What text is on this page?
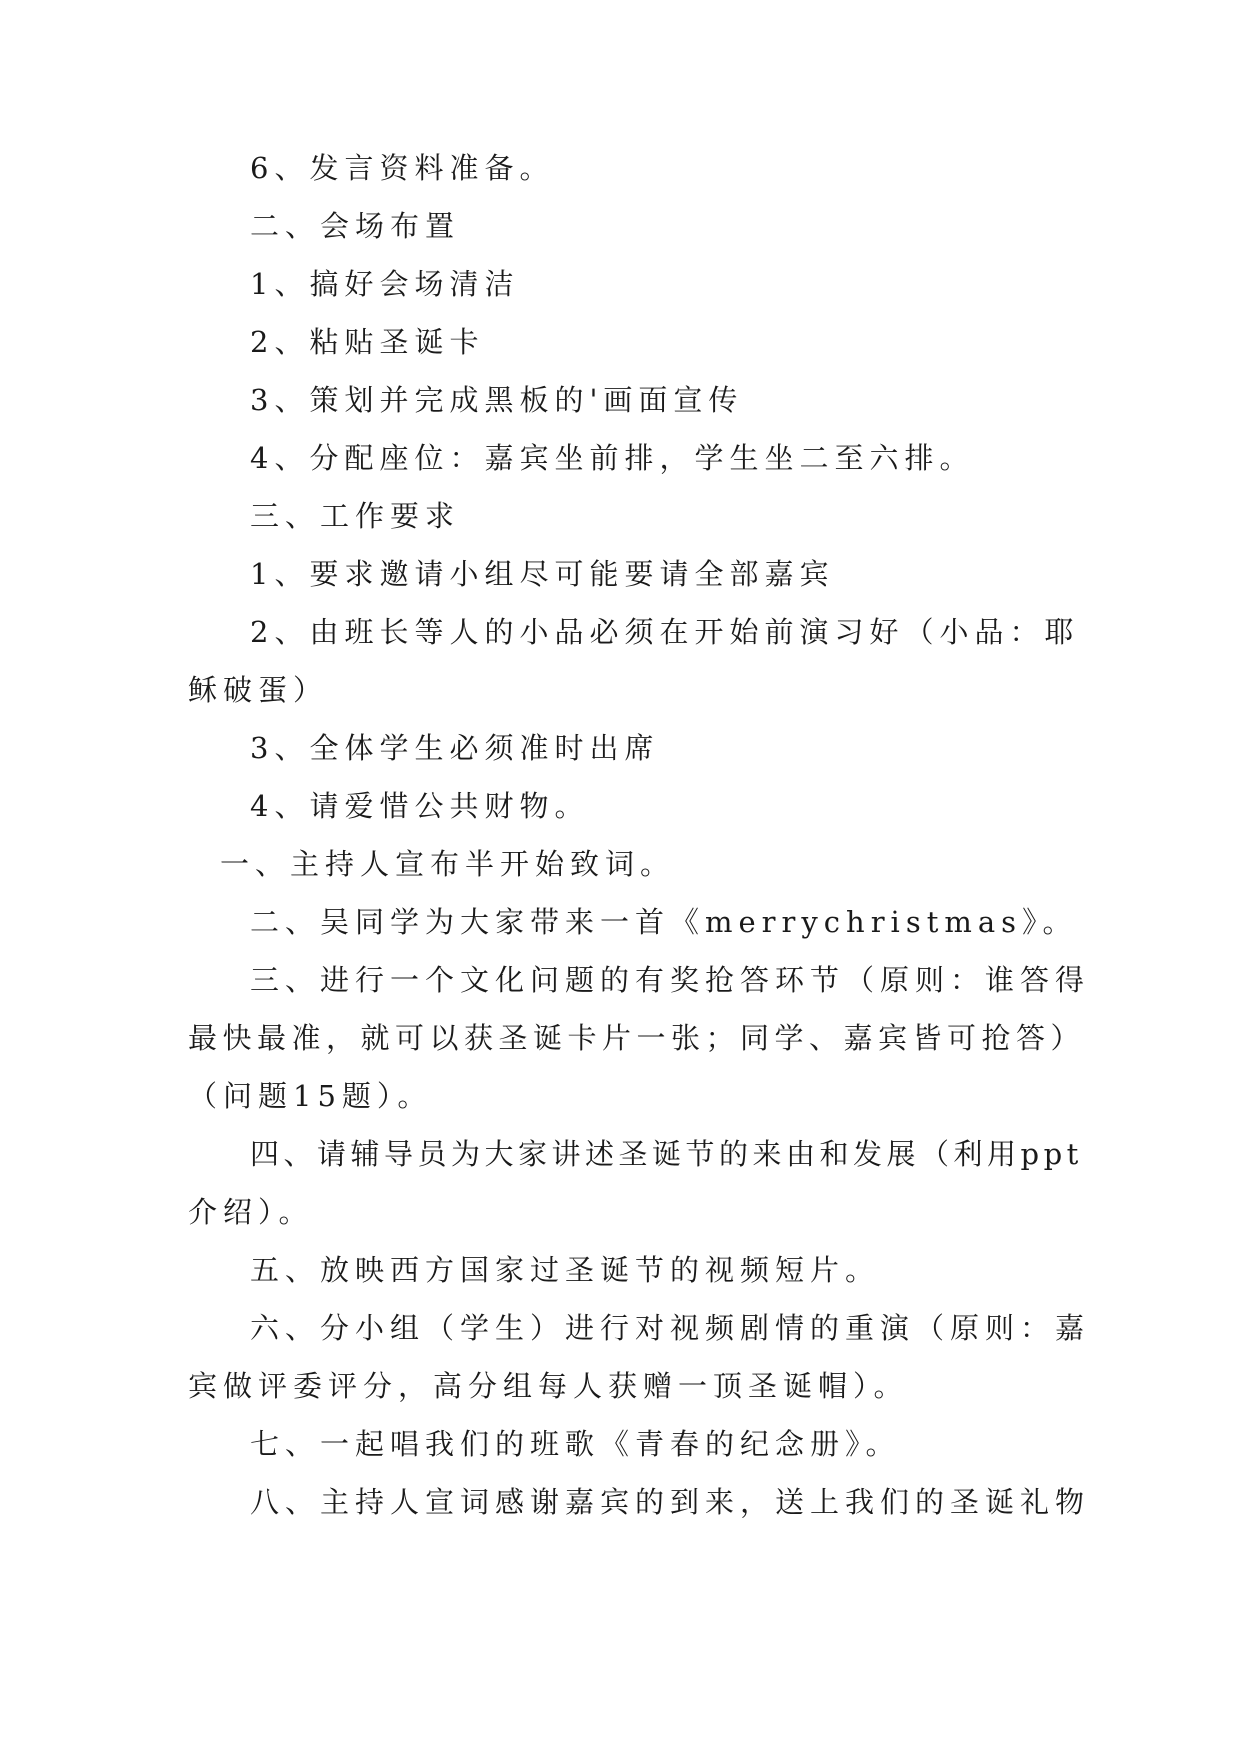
6、发言资料准备。
二、会场布置
1、搞好会场清洁
2、粘贴圣诞卡
3、策划并完成黑板的'画面宣传
4、分配座位：嘉宾坐前排，学生坐二至六排。
三、工作要求
1、要求邀请小组尽可能要请全部嘉宾
2、由班长等人的小品必须在开始前演习好（小品：耶
稣破蛋）
3、全体学生必须准时出席
4、请爱惜公共财物。
一、主持人宣布半开始致词。
二、吴同学为大家带来一首《merrychristmas》。
三、进行一个文化问题的有奖抢答环节（原则：谁答得
最快最准，就可以获圣诞卡片一张；同学、嘉宾皆可抢答）
（问题15题）。
四、请辅导员为大家讲述圣诞节的来由和发展（利用ppt
介绍）。
五、放映西方国家过圣诞节的视频短片。
六、分小组（学生）进行对视频剧情的重演（原则：嘉
宾做评委评分，高分组每人获赠一顶圣诞帽）。
七、一起唱我们的班歌《青春的纪念册》。
八、主持人宣词感谢嘉宾的到来，送上我们的圣诞礼物
